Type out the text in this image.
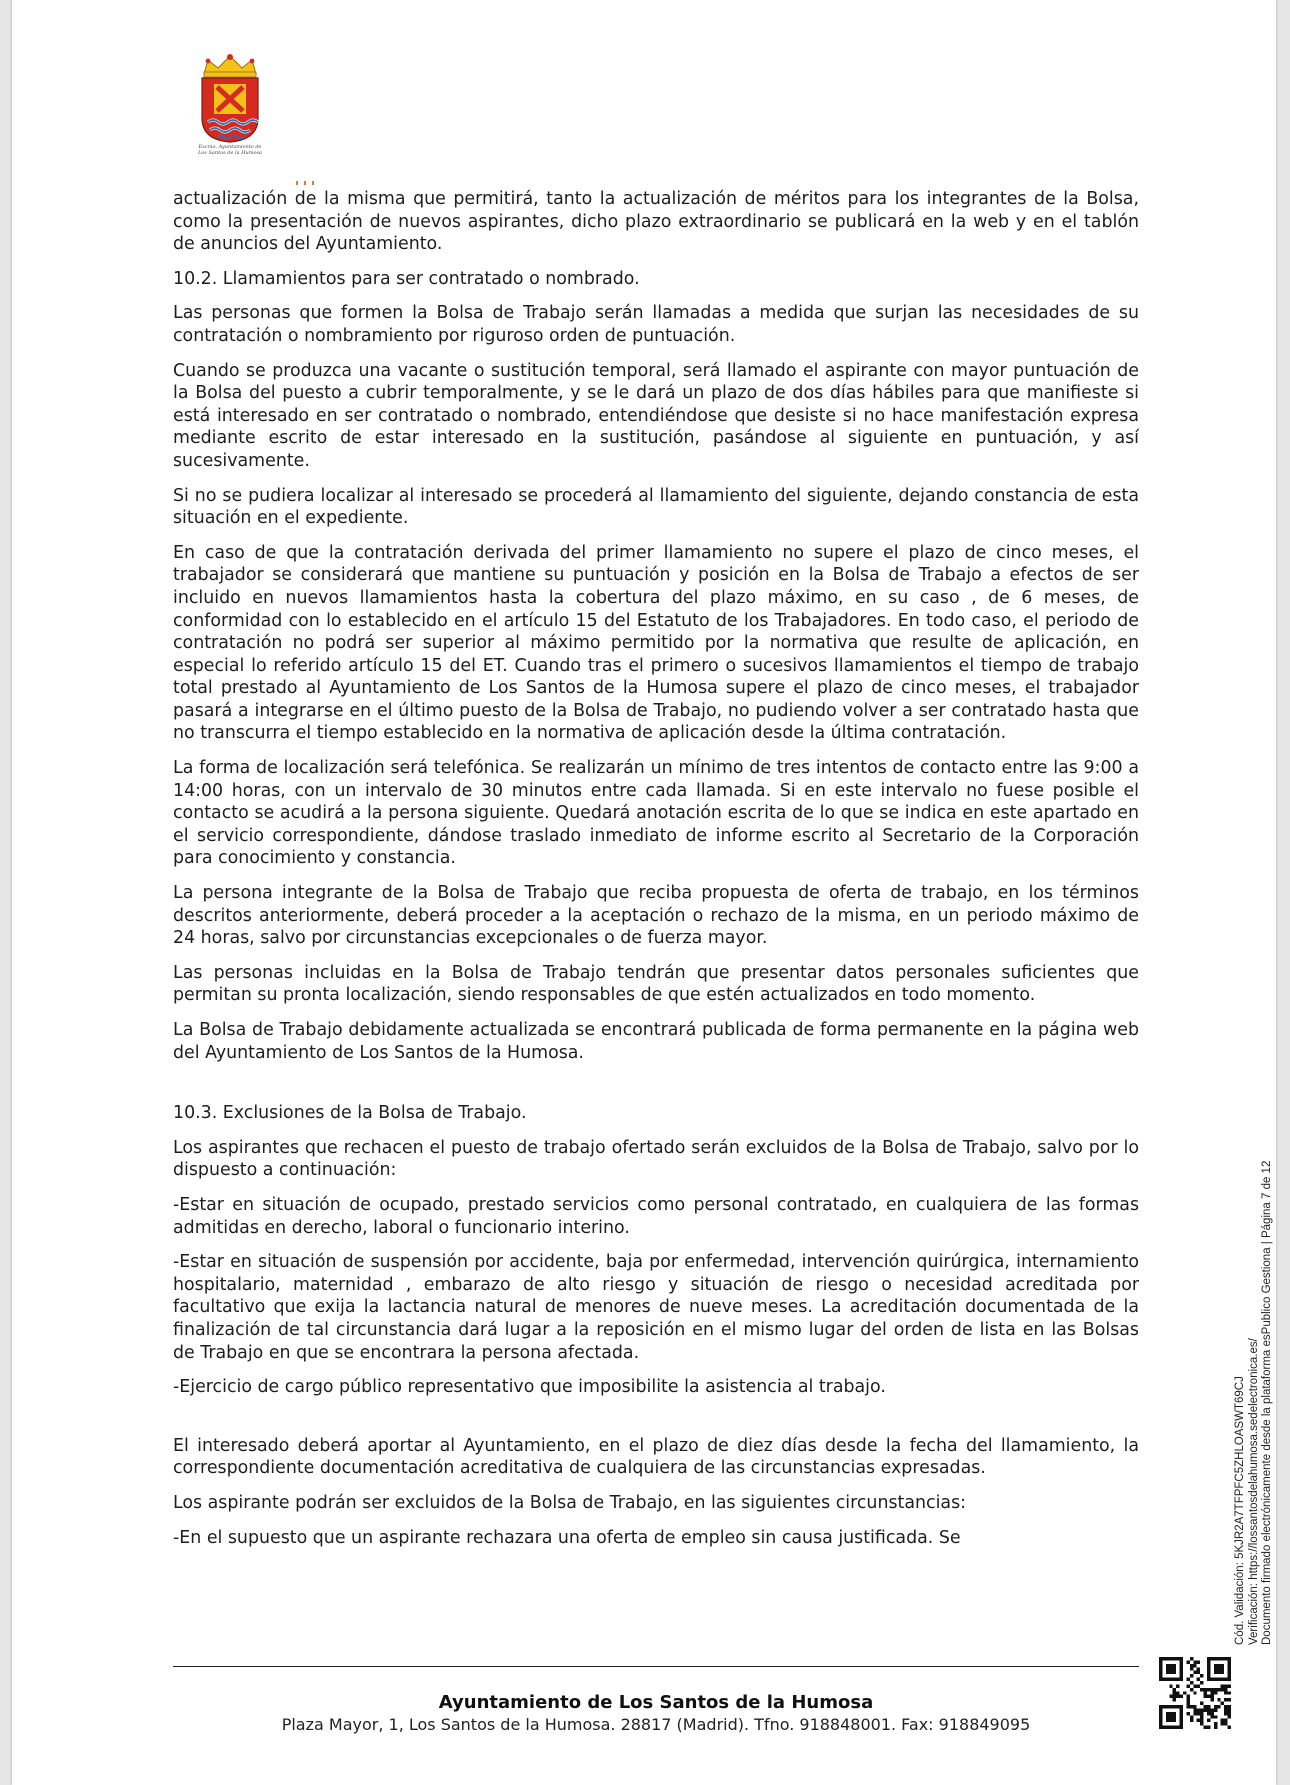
Excmo. Ayuntamiento de
Los Santos de la Humosa

actualización de la misma que permitirá, tanto la actualización de méritos para los integrantes de la Bolsa, como la presentación de nuevos aspirantes, dicho plazo extraordinario se publicará en la web y en el tablón de anuncios del Ayuntamiento.

10.2. Llamamientos para ser contratado o nombrado.

Las personas que formen la Bolsa de Trabajo serán llamadas a medida que surjan las necesidades de su contratación o nombramiento por riguroso orden de puntuación.

Cuando se produzca una vacante o sustitución temporal, será llamado el aspirante con mayor puntuación de la Bolsa del puesto a cubrir temporalmente, y se le dará un plazo de dos días hábiles para que manifieste si está interesado en ser contratado o nombrado, entendiéndose que desiste si no hace manifestación expresa mediante escrito de estar interesado en la sustitución, pasándose al siguiente en puntuación, y así sucesivamente.

Si no se pudiera localizar al interesado se procederá al llamamiento del siguiente, dejando constancia de esta situación en el expediente.

En caso de que la contratación derivada del primer llamamiento no supere el plazo de cinco meses, el trabajador se considerará que mantiene su puntuación y posición en la Bolsa de Trabajo a efectos de ser incluido en nuevos llamamientos hasta la cobertura del plazo máximo, en su caso , de 6 meses, de conformidad con lo establecido en el artículo 15 del Estatuto de los Trabajadores. En todo caso, el periodo de contratación no podrá ser superior al máximo permitido por la normativa que resulte de aplicación, en especial lo referido artículo 15 del ET. Cuando tras el primero o sucesivos llamamientos el tiempo de trabajo total prestado al Ayuntamiento de Los Santos de la Humosa supere el plazo de cinco meses, el trabajador pasará a integrarse en el último puesto de la Bolsa de Trabajo, no pudiendo volver a ser contratado hasta que no transcurra el tiempo establecido en la normativa de aplicación desde la última contratación.

La forma de localización será telefónica. Se realizarán un mínimo de tres intentos de contacto entre las 9:00 a 14:00 horas, con un intervalo de 30 minutos entre cada llamada. Si en este intervalo no fuese posible el contacto se acudirá a la persona siguiente. Quedará anotación escrita de lo que se indica en este apartado en el servicio correspondiente, dándose traslado inmediato de informe escrito al Secretario de la Corporación para conocimiento y constancia.

La persona integrante de la Bolsa de Trabajo que reciba propuesta de oferta de trabajo, en los términos descritos anteriormente, deberá proceder a la aceptación o rechazo de la misma, en un periodo máximo de 24 horas, salvo por circunstancias excepcionales o de fuerza mayor.

Las personas incluidas en la Bolsa de Trabajo tendrán que presentar datos personales suficientes que permitan su pronta localización, siendo responsables de que estén actualizados en todo momento.

La Bolsa de Trabajo debidamente actualizada se encontrará publicada de forma permanente en la página web del Ayuntamiento de Los Santos de la Humosa.

10.3. Exclusiones de la Bolsa de Trabajo.

Los aspirantes que rechacen el puesto de trabajo ofertado serán excluidos de la Bolsa de Trabajo, salvo por lo dispuesto a continuación:

-Estar en situación de ocupado, prestado servicios como personal contratado, en cualquiera de las formas admitidas en derecho, laboral o funcionario interino.

-Estar en situación de suspensión por accidente, baja por enfermedad, intervención quirúrgica, internamiento hospitalario, maternidad , embarazo de alto riesgo y situación de riesgo o necesidad acreditada por facultativo que exija la lactancia natural de menores de nueve meses. La acreditación documentada de la finalización de tal circunstancia dará lugar a la reposición en el mismo lugar del orden de lista en las Bolsas de Trabajo en que se encontrara la persona afectada.

-Ejercicio de cargo público representativo que imposibilite la asistencia al trabajo.

El interesado deberá aportar al Ayuntamiento, en el plazo de diez días desde la fecha del llamamiento, la correspondiente documentación acreditativa de cualquiera de las circunstancias expresadas.

Los aspirante podrán ser excluidos de la Bolsa de Trabajo, en las siguientes circunstancias:

-En el supuesto que un aspirante rechazara una oferta de empleo sin causa justificada. Se

Ayuntamiento de Los Santos de la Humosa
Plaza Mayor, 1, Los Santos de la Humosa. 28817 (Madrid). Tfno. 918848001. Fax: 918849095
Cód. Validación: 5KJR2A7TFPFC5ZHLOASWT69CJ Verificación: https://lossantosdelahumosa.sedelectronica.es/ Documento firmado electrónicamente desde la plataforma esPublico Gestiona | Página 7 de 12
